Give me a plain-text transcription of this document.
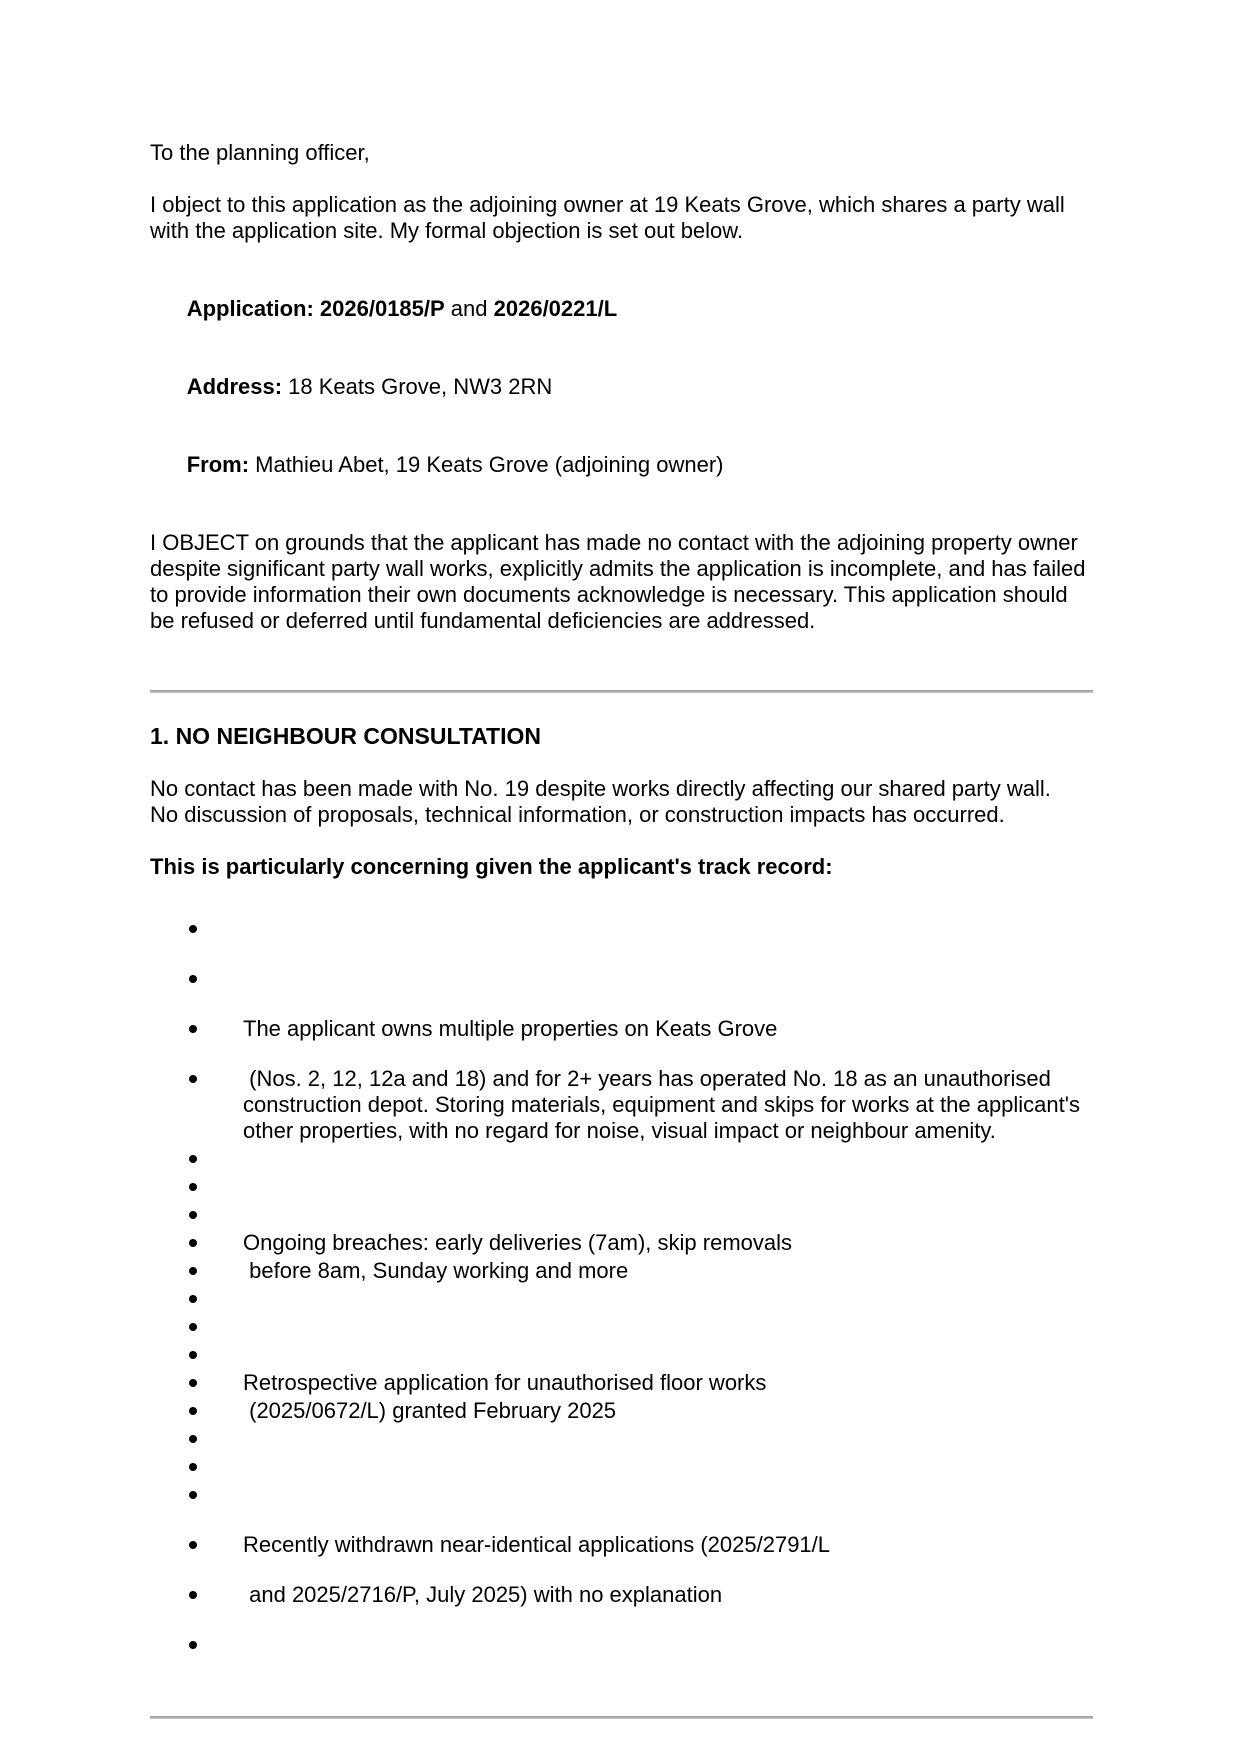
To the planning officer,

I object to this application as the adjoining owner at 19 Keats Grove, which shares a party wall with the application site. My formal objection is set out below.

Application: 2026/0185/P and 2026/0221/L

Address: 18 Keats Grove, NW3 2RN

From: Mathieu Abet, 19 Keats Grove (adjoining owner)

I OBJECT on grounds that the applicant has made no contact with the adjoining property owner despite significant party wall works, explicitly admits the application is incomplete, and has failed to provide information their own documents acknowledge is necessary. This application should be refused or deferred until fundamental deficiencies are addressed.

1. NO NEIGHBOUR CONSULTATION

No contact has been made with No. 19 despite works directly affecting our shared party wall. No discussion of proposals, technical information, or construction impacts has occurred.

This is particularly concerning given the applicant's track record:

The applicant owns multiple properties on Keats Grove
(Nos. 2, 12, 12a and 18) and for 2+ years has operated No. 18 as an unauthorised construction depot. Storing materials, equipment and skips for works at the applicant's other properties, with no regard for noise, visual impact or neighbour amenity.
Ongoing breaches: early deliveries (7am), skip removals
before 8am, Sunday working and more
Retrospective application for unauthorised floor works
(2025/0672/L) granted February 2025
Recently withdrawn near-identical applications (2025/2791/L
and 2025/2716/P, July 2025) with no explanation
